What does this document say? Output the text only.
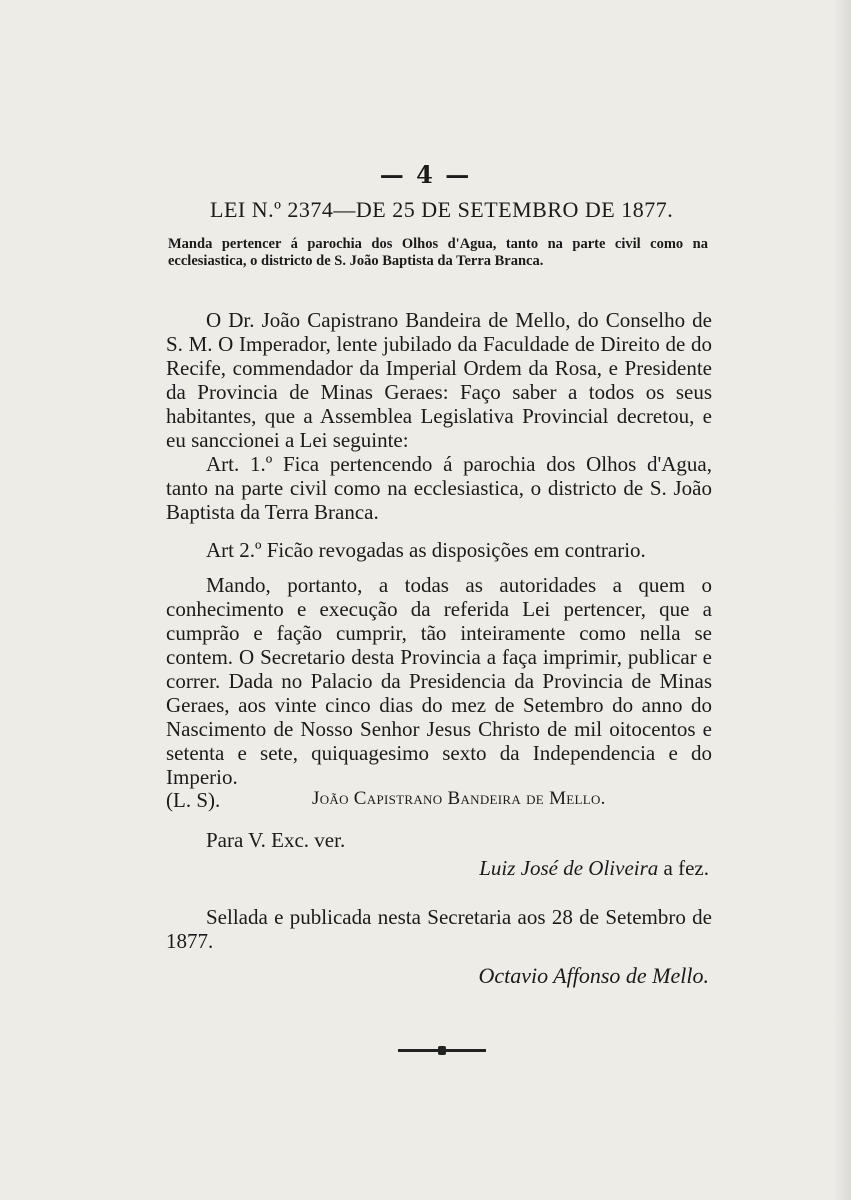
— 4 —
LEI N.º 2374—DE 25 DE SETEMBRO DE 1877.
Manda pertencer á parochia dos Olhos d'Agua, tanto na parte civil como na ecclesiastica, o districto de S. João Baptista da Terra Branca.

O Dr. João Capistrano Bandeira de Mello, do Conselho de S. M. O Imperador, lente jubilado da Faculdade de Direito de do Recife, commendador da Imperial Ordem da Rosa, e Presidente da Provincia de Minas Geraes: Faço saber a todos os seus habitantes, que a Assemblea Legislativa Provincial decretou, e eu sanccionei a Lei seguinte:

Art. 1.º Fica pertencendo á parochia dos Olhos d'Agua, tanto na parte civil como na ecclesiastica, o districto de S. João Baptista da Terra Branca.

Art 2.º Ficão revogadas as disposições em contrario.

Mando, portanto, a todas as autoridades a quem o conhecimento e execução da referida Lei pertencer, que a cumprão e fação cumprir, tão inteiramente como nella se contem. O Secretario desta Provincia a faça imprimir, publicar e correr. Dada no Palacio da Presidencia da Provincia de Minas Geraes, aos vinte cinco dias do mez de Setembro do anno do Nascimento de Nosso Senhor Jesus Christo de mil oitocentos e setenta e sete, quiquagesimo sexto da Independencia e do Imperio.

(L. S).	João Capistrano Bandeira de Mello.
Para V. Exc. ver.
Luiz José de Oliveira a fez.

Sellada e publicada nesta Secretaria aos 28 de Setembro de 1877.

Octavio Affonso de Mello.
